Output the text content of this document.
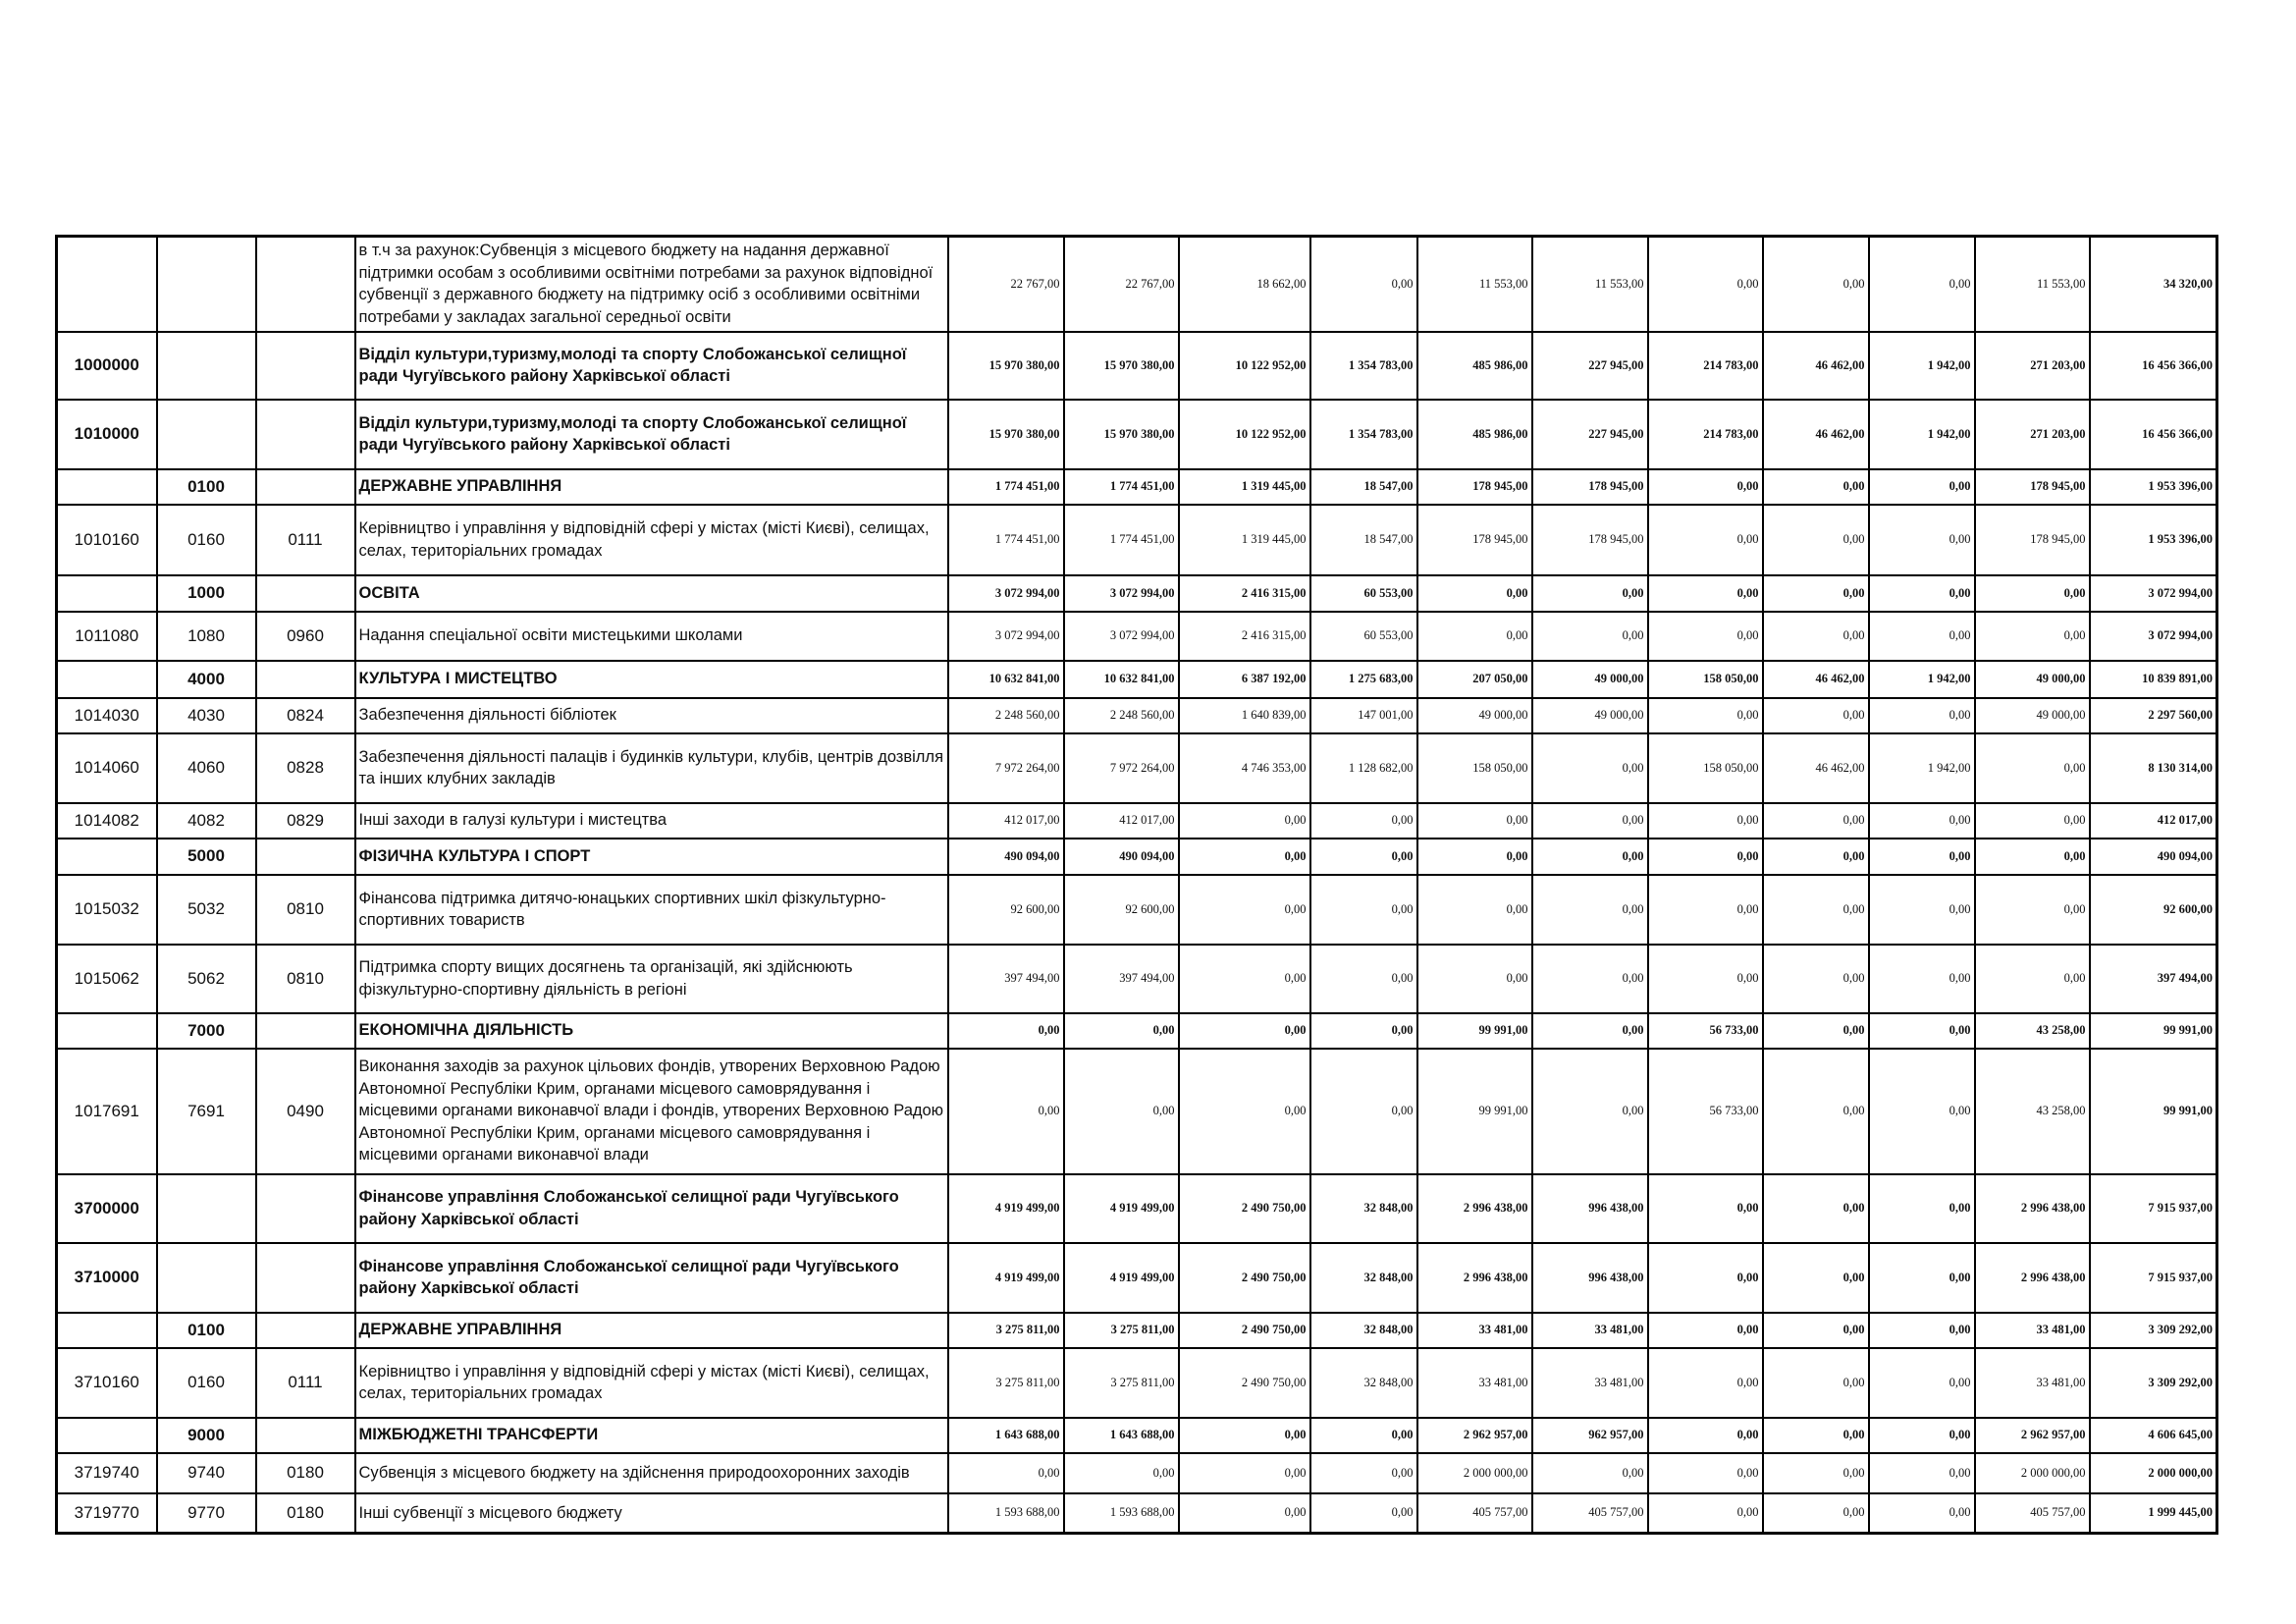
			в т.ч за рахунок:Субвенція з місцевого бюджету на надання державної підтримки особам з особливими освітніми потребами за рахунок відповідної субвенції з державного бюджету на підтримку осіб з особливими освітніми потребами у закладах загальної середньої освіти	22 767,00	22 767,00	18 662,00	0,00	11 553,00	11 553,00	0,00	0,00	0,00	11 553,00	34 320,00
1000000			Відділ культури,туризму,молоді та спорту Слобожанської селищної ради Чугуївського району Харківської області	15 970 380,00	15 970 380,00	10 122 952,00	1 354 783,00	485 986,00	227 945,00	214 783,00	46 462,00	1 942,00	271 203,00	16 456 366,00
1010000			Відділ культури,туризму,молоді та спорту Слобожанської селищної ради Чугуївського району Харківської області	15 970 380,00	15 970 380,00	10 122 952,00	1 354 783,00	485 986,00	227 945,00	214 783,00	46 462,00	1 942,00	271 203,00	16 456 366,00
	0100		ДЕРЖАВНЕ УПРАВЛІННЯ	1 774 451,00	1 774 451,00	1 319 445,00	18 547,00	178 945,00	178 945,00	0,00	0,00	0,00	178 945,00	1 953 396,00
1010160	0160	0111	Керівництво і управління у відповідній сфері у містах (місті Києві), селищах, селах, територіальних громадах	1 774 451,00	1 774 451,00	1 319 445,00	18 547,00	178 945,00	178 945,00	0,00	0,00	0,00	178 945,00	1 953 396,00
	1000		ОСВІТА	3 072 994,00	3 072 994,00	2 416 315,00	60 553,00	0,00	0,00	0,00	0,00	0,00	0,00	3 072 994,00
1011080	1080	0960	Надання спеціальної освіти мистецькими школами	3 072 994,00	3 072 994,00	2 416 315,00	60 553,00	0,00	0,00	0,00	0,00	0,00	0,00	3 072 994,00
	4000		КУЛЬТУРА І МИСТЕЦТВО	10 632 841,00	10 632 841,00	6 387 192,00	1 275 683,00	207 050,00	49 000,00	158 050,00	46 462,00	1 942,00	49 000,00	10 839 891,00
1014030	4030	0824	Забезпечення діяльності бібліотек	2 248 560,00	2 248 560,00	1 640 839,00	147 001,00	49 000,00	49 000,00	0,00	0,00	0,00	49 000,00	2 297 560,00
1014060	4060	0828	Забезпечення діяльності палаців i будинків культури, клубів, центрів дозвілля та iнших клубних закладів	7 972 264,00	7 972 264,00	4 746 353,00	1 128 682,00	158 050,00	0,00	158 050,00	46 462,00	1 942,00	0,00	8 130 314,00
1014082	4082	0829	Інші заходи в галузі культури і мистецтва	412 017,00	412 017,00	0,00	0,00	0,00	0,00	0,00	0,00	0,00	0,00	412 017,00
	5000		ФІЗИЧНА КУЛЬТУРА І СПОРТ	490 094,00	490 094,00	0,00	0,00	0,00	0,00	0,00	0,00	0,00	0,00	490 094,00
1015032	5032	0810	Фінансова підтримка дитячо-юнацьких спортивних шкіл фізкультурно-спортивних товариств	92 600,00	92 600,00	0,00	0,00	0,00	0,00	0,00	0,00	0,00	0,00	92 600,00
1015062	5062	0810	Підтримка спорту вищих досягнень та організацій, які здійснюють фізкультурно-спортивну діяльність в регіоні	397 494,00	397 494,00	0,00	0,00	0,00	0,00	0,00	0,00	0,00	0,00	397 494,00
	7000		ЕКОНОМІЧНА ДІЯЛЬНІСТЬ	0,00	0,00	0,00	0,00	99 991,00	0,00	56 733,00	0,00	0,00	43 258,00	99 991,00
1017691	7691	0490	Виконання заходів за рахунок цільових фондів, утворених Верховною Радою Автономної Республіки Крим, органами місцевого самоврядування і місцевими органами виконавчої влади і фондів, утворених Верховною Радою Автономної Республіки Крим, органами місцевого самоврядування і місцевими органами виконавчої влади	0,00	0,00	0,00	0,00	99 991,00	0,00	56 733,00	0,00	0,00	43 258,00	99 991,00
3700000			Фінансове управління Слобожанської селищної ради Чугуївського району Харківської області	4 919 499,00	4 919 499,00	2 490 750,00	32 848,00	2 996 438,00	996 438,00	0,00	0,00	0,00	2 996 438,00	7 915 937,00
3710000			Фінансове управління Слобожанської селищної ради Чугуївського району Харківської області	4 919 499,00	4 919 499,00	2 490 750,00	32 848,00	2 996 438,00	996 438,00	0,00	0,00	0,00	2 996 438,00	7 915 937,00
	0100		ДЕРЖАВНЕ УПРАВЛІННЯ	3 275 811,00	3 275 811,00	2 490 750,00	32 848,00	33 481,00	33 481,00	0,00	0,00	0,00	33 481,00	3 309 292,00
3710160	0160	0111	Керівництво і управління у відповідній сфері у містах (місті Києві), селищах, селах, територіальних громадах	3 275 811,00	3 275 811,00	2 490 750,00	32 848,00	33 481,00	33 481,00	0,00	0,00	0,00	33 481,00	3 309 292,00
	9000		МІЖБЮДЖЕТНІ ТРАНСФЕРТИ	1 643 688,00	1 643 688,00	0,00	0,00	2 962 957,00	962 957,00	0,00	0,00	0,00	2 962 957,00	4 606 645,00
3719740	9740	0180	Субвенція з місцевого бюджету на здійснення природоохоронних заходів	0,00	0,00	0,00	0,00	2 000 000,00	0,00	0,00	0,00	0,00	2 000 000,00	2 000 000,00
3719770	9770	0180	Інші субвенції з місцевого бюджету	1 593 688,00	1 593 688,00	0,00	0,00	405 757,00	405 757,00	0,00	0,00	0,00	405 757,00	1 999 445,00
